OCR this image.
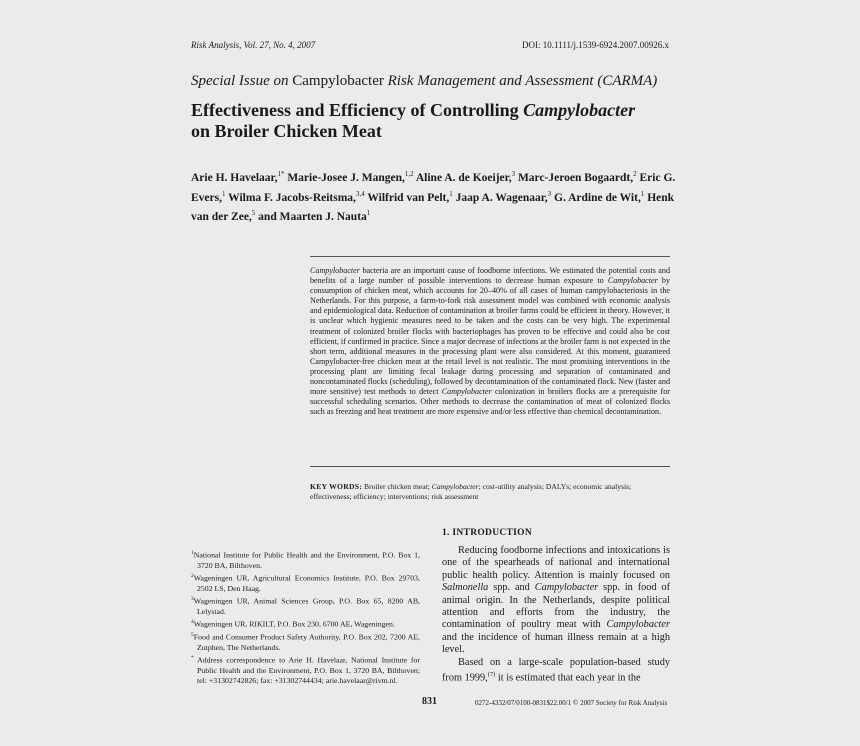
Risk Analysis, Vol. 27, No. 4, 2007	DOI: 10.1111/j.1539-6924.2007.00926.x
Special Issue on Campylobacter Risk Management and Assessment (CARMA)
Effectiveness and Efficiency of Controlling Campylobacter
on Broiler Chicken Meat
Arie H. Havelaar,$^{1*}$ Marie-Josee J. Mangen,$^{1,2}$ Aline A. de Koeijer,$^3$ Marc-Jeroen Bogaardt,$^2$ Eric G. Evers,$^1$ Wilma F. Jacobs-Reitsma,$^{3,4}$ Wilfrid van Pelt,$^1$ Jaap A. Wagenaar,$^3$ G. Ardine de Wit,$^1$ Henk van der Zee,$^5$ and Maarten J. Nauta$^1$
Campylobacter bacteria are an important cause of foodborne infections. We estimated the potential costs and benefits of a large number of possible interventions to decrease human exposure to Campylobacter by consumption of chicken meat, which accounts for 20–40% of all cases of human campylobacteriosis in the Netherlands. For this purpose, a farm-to-fork risk assessment model was combined with economic analysis and epidemiological data. Reduction of contamination at broiler farms could be efficient in theory. However, it is unclear which hygienic measures need to be taken and the costs can be very high. The experimental treatment of colonized broiler flocks with bacteriophages has proven to be effective and could also be cost efficient, if confirmed in practice. Since a major decrease of infections at the broiler farm is not expected in the short term, additional measures in the processing plant were also considered. At this moment, guaranteed Campylobacter-free chicken meat at the retail level is not realistic. The most promising interventions in the processing plant are limiting fecal leakage during processing and separation of contaminated and noncontaminated flocks (scheduling), followed by decontamination of the contaminated flock. New (faster and more sensitive) test methods to detect Campylobacter colonization in broilers flocks are a prerequisite for successful scheduling scenarios. Other methods to decrease the contamination of meat of colonized flocks such as freezing and heat treatment are more expensive and/or less effective than chemical decontamination.
KEY WORDS: Broiler chicken meat; Campylobacter; cost-utility analysis; DALYs; economic analysis; effectiveness; efficiency; interventions; risk assessment

$^1$National Institute for Public Health and the Environment, P.O. Box 1, 3720 BA, Bilthoven.

$^2$Wageningen UR, Agricultural Economics Institute, P.O. Box 29703, 2502 LS, Den Haag.

$^3$Wageningen UR, Animal Sciences Group, P.O. Box 65, 8200 AB, Lelystad.

$^4$Wageningen UR, RIKILT, P.O. Box 230, 6700 AE, Wageningen.

$^5$Food and Consumer Product Safety Authority, P.O. Box 202, 7200 AE, Zutphen, The Netherlands.

* Address correspondence to Arie H. Havelaar, National Institute for Public Health and the Environment, P.O. Box 1, 3720 BA, Bilthoven; tel: +31302742826; fax: +31302744434; arie.havelaar@rivm.nl.

1. INTRODUCTION

Reducing foodborne infections and intoxications is one of the spearheads of national and international public health policy. Attention is mainly focused on Salmonella spp. and Campylobacter spp. in food of animal origin. In the Netherlands, despite political attention and efforts from the industry, the contamination of poultry meat with Campylobacter and the incidence of human illness remain at a high level.

Based on a large-scale population-based study from 1999,$^{(7)}$ it is estimated that each year in the

831	0272-4332/07/0100-0831$22.00/1 © 2007 Society for Risk Analysis
